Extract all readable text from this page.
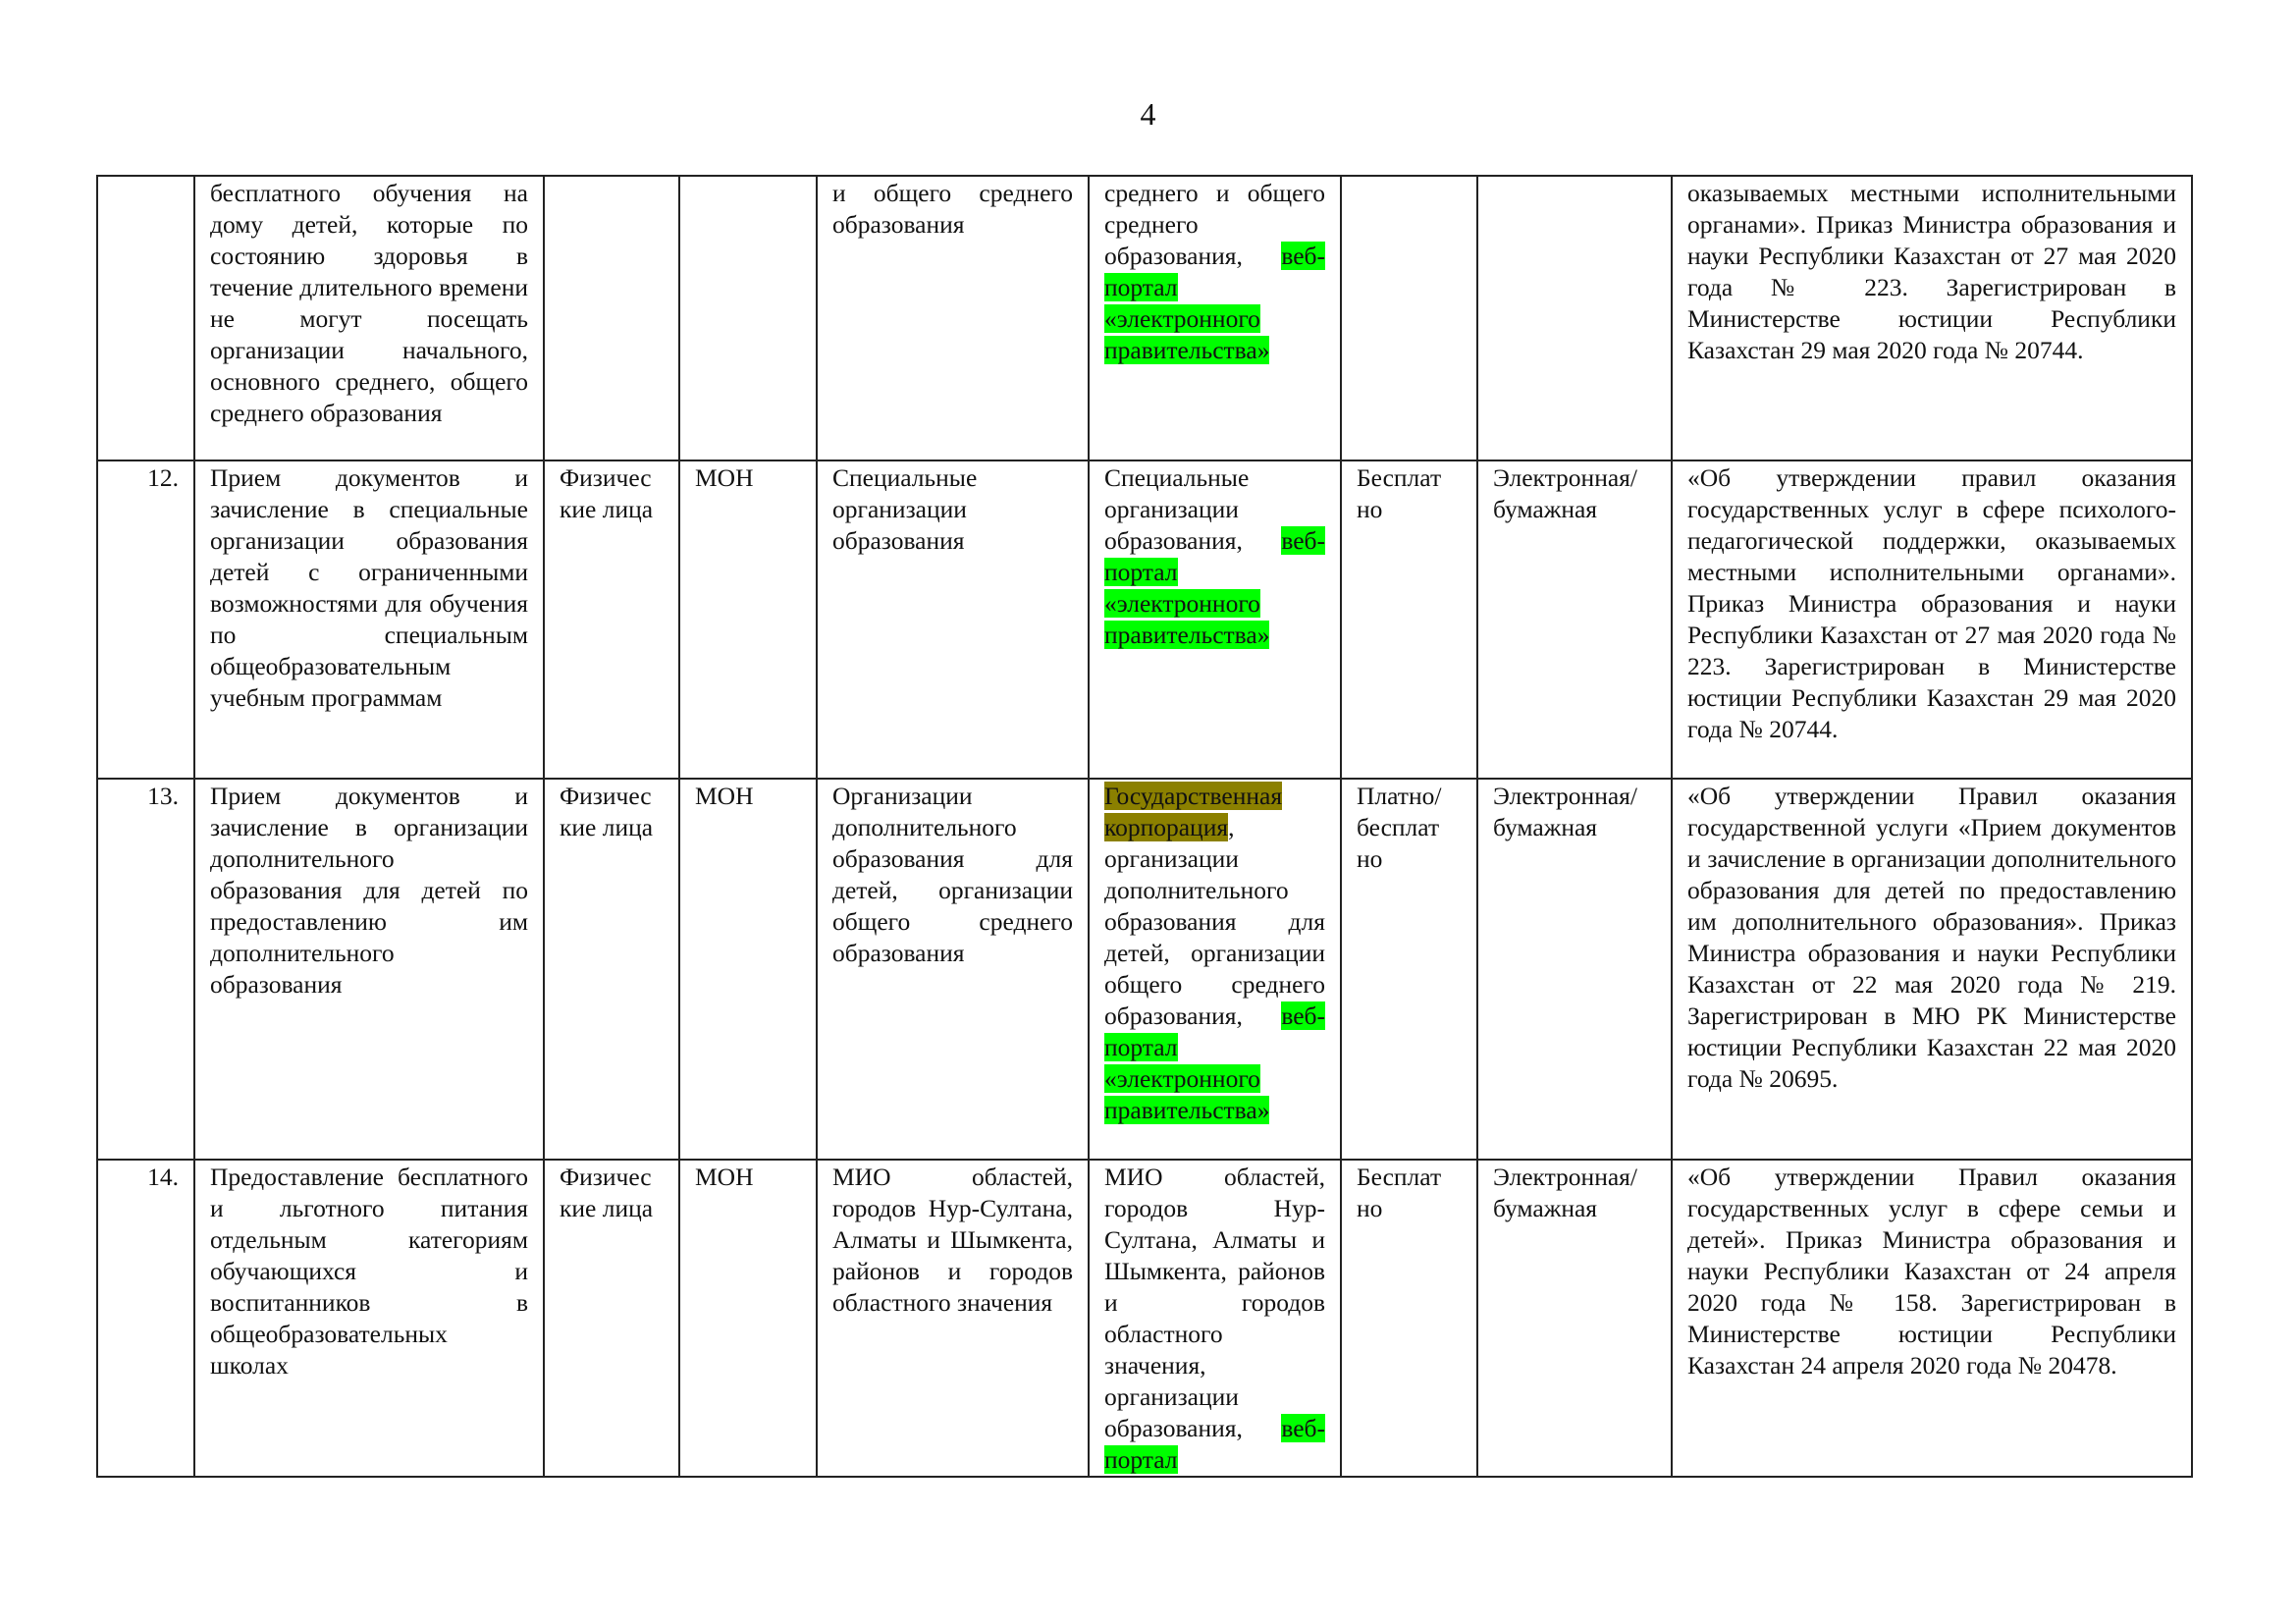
4
	бесплатного обучения на дому детей, которые по состоянию здоровья в течение длительного времени не могут посещать организации начального, основного среднего, общего среднего образования			и общего среднего образования	среднего и общего среднего образования, веб-портал «электронного правительства»			оказываемых местными исполнительными органами». Приказ Министра образования и науки Республики Казахстан от 27 мая 2020 года № 223. Зарегистрирован в Министерстве юстиции Республики Казахстан 29 мая 2020 года № 20744.
12.	Прием документов и зачисление в специальные организации образования детей с ограниченными возможностями для обучения по специальным общеобразовательным учебным программам	Физичес кие лица	МОН	Специальные организации образования	Специальные организации образования, веб-портал «электронного правительства»	Бесплат но	Электронная/ бумажная	«Об утверждении правил оказания государственных услуг в сфере психолого-педагогической поддержки, оказываемых местными исполнительными органами». Приказ Министра образования и науки Республики Казахстан от 27 мая 2020 года № 223. Зарегистрирован в Министерстве юстиции Республики Казахстан 29 мая 2020 года № 20744.
13.	Прием документов и зачисление в организации дополнительного образования для детей по предоставлению им дополнительного образования	Физичес кие лица	МОН	Организации дополнительного образования для детей, организации общего среднего образования	Государственная корпорация, организации дополнительного образования для детей, организации общего среднего образования, веб-портал «электронного правительства»	Платно/ бесплат но	Электронная/ бумажная	«Об утверждении Правил оказания государственной услуги «Прием документов и зачисление в организации дополнительного образования для детей по предоставлению им дополнительного образования». Приказ Министра образования и науки Республики Казахстан от 22 мая 2020 года № 219. Зарегистрирован в МЮ РК Министерстве юстиции Республики Казахстан 22 мая 2020 года № 20695.
14.	Предоставление бесплатного и льготного питания отдельным категориям обучающихся и воспитанников в общеобразовательных школах	Физичес кие лица	МОН	МИО областей, городов Нур-Султана, Алматы и Шымкента, районов и городов областного значения	МИО областей, городов Нур-Султана, Алматы и Шымкента, районов и городов областного значения, организации образования, веб-портал	Бесплат но	Электронная/ бумажная	«Об утверждении Правил оказания государственных услуг в сфере семьи и детей». Приказ Министра образования и науки Республики Казахстан от 24 апреля 2020 года № 158. Зарегистрирован в Министерстве юстиции Республики Казахстан 24 апреля 2020 года № 20478.
